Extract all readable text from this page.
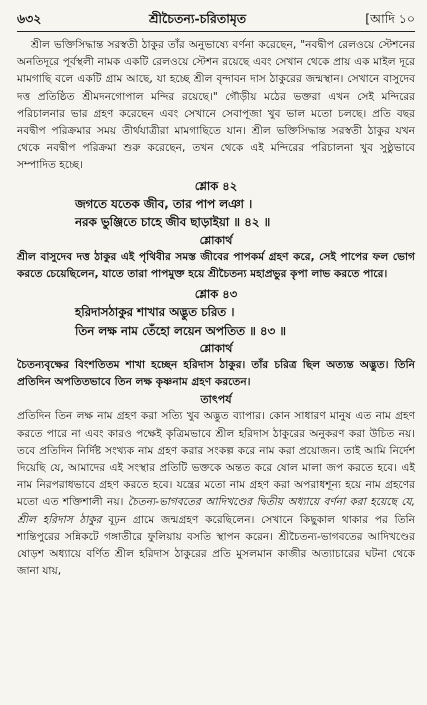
৬৩২	শ্রীচৈতন্য-চরিতামৃত	[আদি ১০

শ্রীল ভক্তিসিদ্ধান্ত সরস্বতী ঠাকুর তাঁর অনুভাষ্যে বর্ণনা করেছেন, "নবদ্বীপ রেলওয়ে স্টেশনের অনতিদূরে পূর্বস্থলী নামক একটি রেলওয়ে স্টেশন রয়েছে এবং সেখান থেকে প্রায় এক মাইল দূরে মামগাছি বলে একটি গ্রাম আছে, যা হচ্ছে শ্রীল বৃন্দাবন দাস ঠাকুরের জন্মস্থান। সেখানে বাসুদেব দত্ত প্রতিষ্ঠিত শ্রীমদনগোপাল মন্দির রয়েছে।" গৌড়ীয় মঠের ভক্তরা এখন সেই মন্দিরের পরিচালনার ভার গ্রহণ করেছেন এবং সেখানে সেবাপূজা খুব ভাল মতো চলছে। প্রতি বছর নবদ্বীপ পরিক্রমার সময় তীর্থযাত্রীরা মামগাছিতে যান। শ্রীল ভক্তিসিদ্ধান্ত সরস্বতী ঠাকুর যখন থেকে নবদ্বীপ পরিক্রমা শুরু করেছেন, তখন থেকে এই মন্দিরের পরিচালনা খুব সুষ্ঠুভাবে সম্পাদিত হচ্ছে।

শ্লোক ৪২
জগতে যতেক জীব, তার পাপ লঞা ।
নরক ভুঞ্জিতে চাহে জীব ছাড়াইয়া ॥ ৪২ ॥
শ্লোকার্থ

শ্রীল বাসুদেব দত্ত ঠাকুর এই পৃথিবীর সমস্ত জীবের পাপকর্ম গ্রহণ করে, সেই পাপের ফল ভোগ করতে চেয়েছিলেন, যাতে তারা পাপমুক্ত হয়ে শ্রীচৈতন্য মহাপ্রভুর কৃপা লাভ করতে পারে।

শ্লোক ৪৩
হরিদাসঠাকুর শাখার অদ্ভুত চরিত ।
তিন লক্ষ নাম তেঁহো লয়েন অপতিত ॥ ৪৩ ॥
শ্লোকার্থ

চৈতন্যবৃক্ষের বিংশতিতম শাখা হচ্ছেন হরিদাস ঠাকুর। তাঁর চরিত্র ছিল অত্যন্ত অদ্ভুত। তিনি প্রতিদিন অপতিতভাবে তিন লক্ষ কৃষ্ণনাম গ্রহণ করতেন।

তাৎপর্য

প্রতিদিন তিন লক্ষ নাম গ্রহণ করা সত্যি খুব অদ্ভুত ব্যাপার। কোন সাধারণ মানুষ এত নাম গ্রহণ করতে পারে না এবং কারও পক্ষেই কৃত্রিমভাবে শ্রীল হরিদাস ঠাকুরের অনুকরণ করা উচিত নয়। তবে প্রতিদিন নির্দিষ্ট সংখ্যক নাম গ্রহণ করার সংকল্প করে নাম করা প্রয়োজন। তাই আমি নির্দেশ দিয়েছি যে, আমাদের এই সংস্থার প্রতিটি ভক্তকে অন্তত করে ষোল মালা জপ করতে হবে। এই নাম নিরপরাধভাবে গ্রহণ করতে হবে। যন্ত্রের মতো নাম গ্রহণ করা অপরাধশূন্য হয়ে নাম গ্রহণের মতো এত শক্তিশালী নয়। চৈতন্য-ভাগবতের আদিখণ্ডের দ্বিতীয় অধ্যায়ে বর্ণনা করা হয়েছে যে, শ্রীল হরিদাস ঠাকুর বূঢ়ন গ্রামে জন্মগ্রহণ করেছিলেন। সেখানে কিছুকাল থাকার পর তিনি শান্তিপুরের সন্নিকটে গঙ্গাতীরে ফুলিয়ায় বসতি স্থাপন করেন। শ্রীচৈতন্য-ভাগবতের আদিখণ্ডের ষোড়শ অধ্যায়ে বর্ণিত শ্রীল হরিদাস ঠাকুরের প্রতি মুসলমান কাজীর অত্যাচারের ঘটনা থেকে জানা যায়,
